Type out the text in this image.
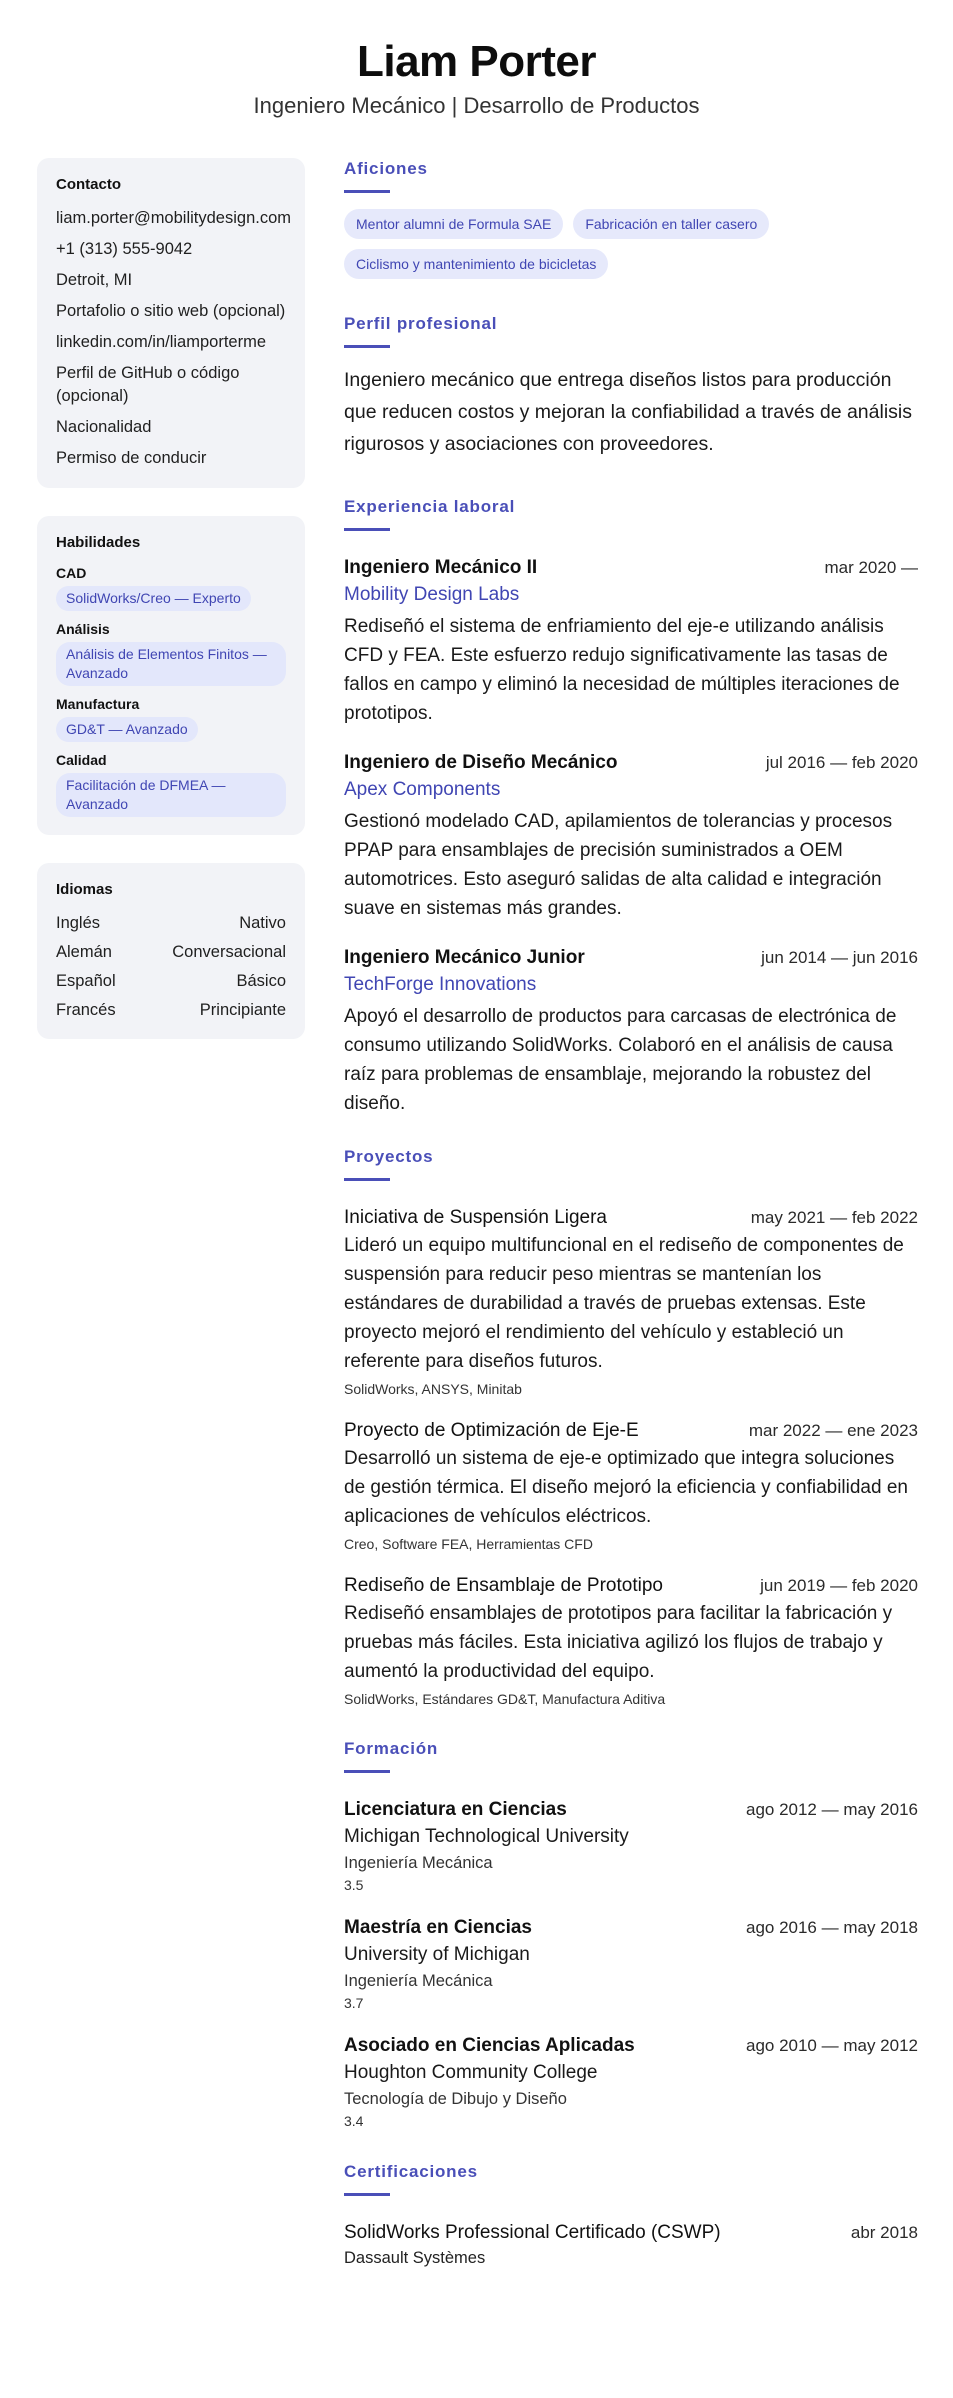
Liam Porter
Ingeniero Mecánico | Desarrollo de Productos
Contacto
liam.porter@mobilitydesign.com
+1 (313) 555-9042
Detroit, MI
Portafolio o sitio web (opcional)
linkedin.com/in/liamporterme
Perfil de GitHub o código (opcional)
Nacionalidad
Permiso de conducir
Habilidades
CAD
SolidWorks/Creo — Experto
Análisis
Análisis de Elementos Finitos — Avanzado
Manufactura
GD&T — Avanzado
Calidad
Facilitación de DFMEA — Avanzado
Idiomas
Inglés	Nativo
Alemán	Conversacional
Español	Básico
Francés	Principiante
Aficiones
Mentor alumni de Formula SAE	Fabricación en taller casero
Ciclismo y mantenimiento de bicicletas
Perfil profesional
Ingeniero mecánico que entrega diseños listos para producción que reducen costos y mejoran la confiabilidad a través de análisis rigurosos y asociaciones con proveedores.
Experiencia laboral
Ingeniero Mecánico II	mar 2020 —
Mobility Design Labs
Rediseñó el sistema de enfriamiento del eje-e utilizando análisis CFD y FEA. Este esfuerzo redujo significativamente las tasas de fallos en campo y eliminó la necesidad de múltiples iteraciones de prototipos.
Ingeniero de Diseño Mecánico	jul 2016 — feb 2020
Apex Components
Gestionó modelado CAD, apilamientos de tolerancias y procesos PPAP para ensamblajes de precisión suministrados a OEM automotrices. Esto aseguró salidas de alta calidad e integración suave en sistemas más grandes.
Ingeniero Mecánico Junior	jun 2014 — jun 2016
TechForge Innovations
Apoyó el desarrollo de productos para carcasas de electrónica de consumo utilizando SolidWorks. Colaboró en el análisis de causa raíz para problemas de ensamblaje, mejorando la robustez del diseño.
Proyectos
Iniciativa de Suspensión Ligera	may 2021 — feb 2022
Lideró un equipo multifuncional en el rediseño de componentes de suspensión para reducir peso mientras se mantenían los estándares de durabilidad a través de pruebas extensas. Este proyecto mejoró el rendimiento del vehículo y estableció un referente para diseños futuros.
SolidWorks, ANSYS, Minitab
Proyecto de Optimización de Eje-E	mar 2022 — ene 2023
Desarrolló un sistema de eje-e optimizado que integra soluciones de gestión térmica. El diseño mejoró la eficiencia y confiabilidad en aplicaciones de vehículos eléctricos.
Creo, Software FEA, Herramientas CFD
Rediseño de Ensamblaje de Prototipo	jun 2019 — feb 2020
Rediseñó ensamblajes de prototipos para facilitar la fabricación y pruebas más fáciles. Esta iniciativa agilizó los flujos de trabajo y aumentó la productividad del equipo.
SolidWorks, Estándares GD&T, Manufactura Aditiva
Formación
Licenciatura en Ciencias	ago 2012 — may 2016
Michigan Technological University
Ingeniería Mecánica
3.5
Maestría en Ciencias	ago 2016 — may 2018
University of Michigan
Ingeniería Mecánica
3.7
Asociado en Ciencias Aplicadas	ago 2010 — may 2012
Houghton Community College
Tecnología de Dibujo y Diseño
3.4
Certificaciones
SolidWorks Professional Certificado (CSWP)	abr 2018
Dassault Systèmes
